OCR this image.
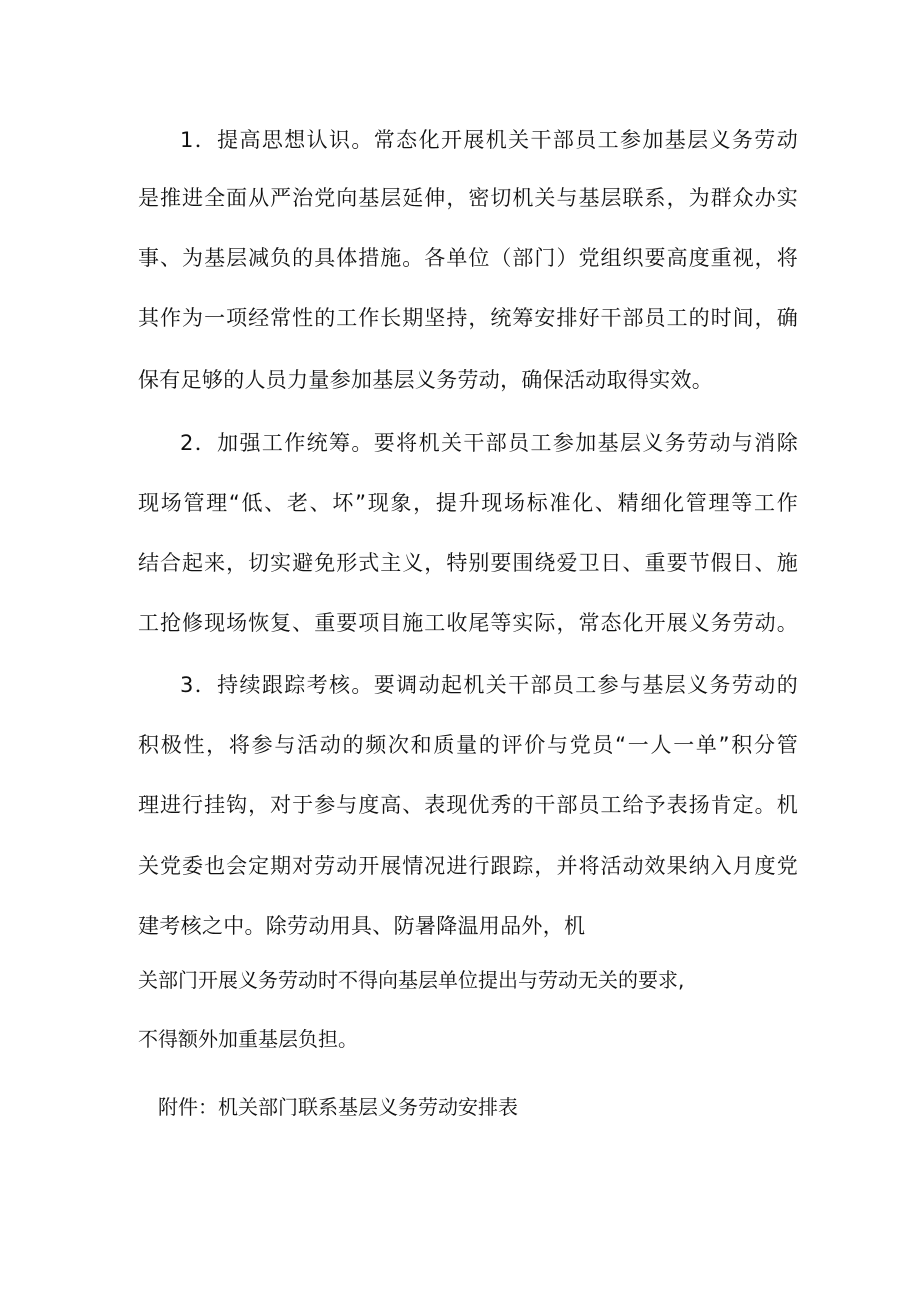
1．提高思想认识。常态化开展机关干部员工参加基层义务劳动
是推进全面从严治党向基层延伸，密切机关与基层联系，为群众办实
事、为基层减负的具体措施。各单位（部门）党组织要高度重视，将
其作为一项经常性的工作长期坚持，统筹安排好干部员工的时间，确
保有足够的人员力量参加基层义务劳动，确保活动取得实效。
2．加强工作统筹。要将机关干部员工参加基层义务劳动与消除
现场管理“低、老、坏”现象，提升现场标准化、精细化管理等工作
结合起来，切实避免形式主义，特别要围绕爱卫日、重要节假日、施
工抢修现场恢复、重要项目施工收尾等实际，常态化开展义务劳动。
3．持续跟踪考核。要调动起机关干部员工参与基层义务劳动的
积极性，将参与活动的频次和质量的评价与党员“一人一单”积分管
理进行挂钩，对于参与度高、表现优秀的干部员工给予表扬肯定。机
关党委也会定期对劳动开展情况进行跟踪，并将活动效果纳入月度党
建考核之中。除劳动用具、防暑降温用品外，机
关部门开展义务劳动时不得向基层单位提出与劳动无关的要求,
不得额外加重基层负担。
附件：机关部门联系基层义务劳动安排表
